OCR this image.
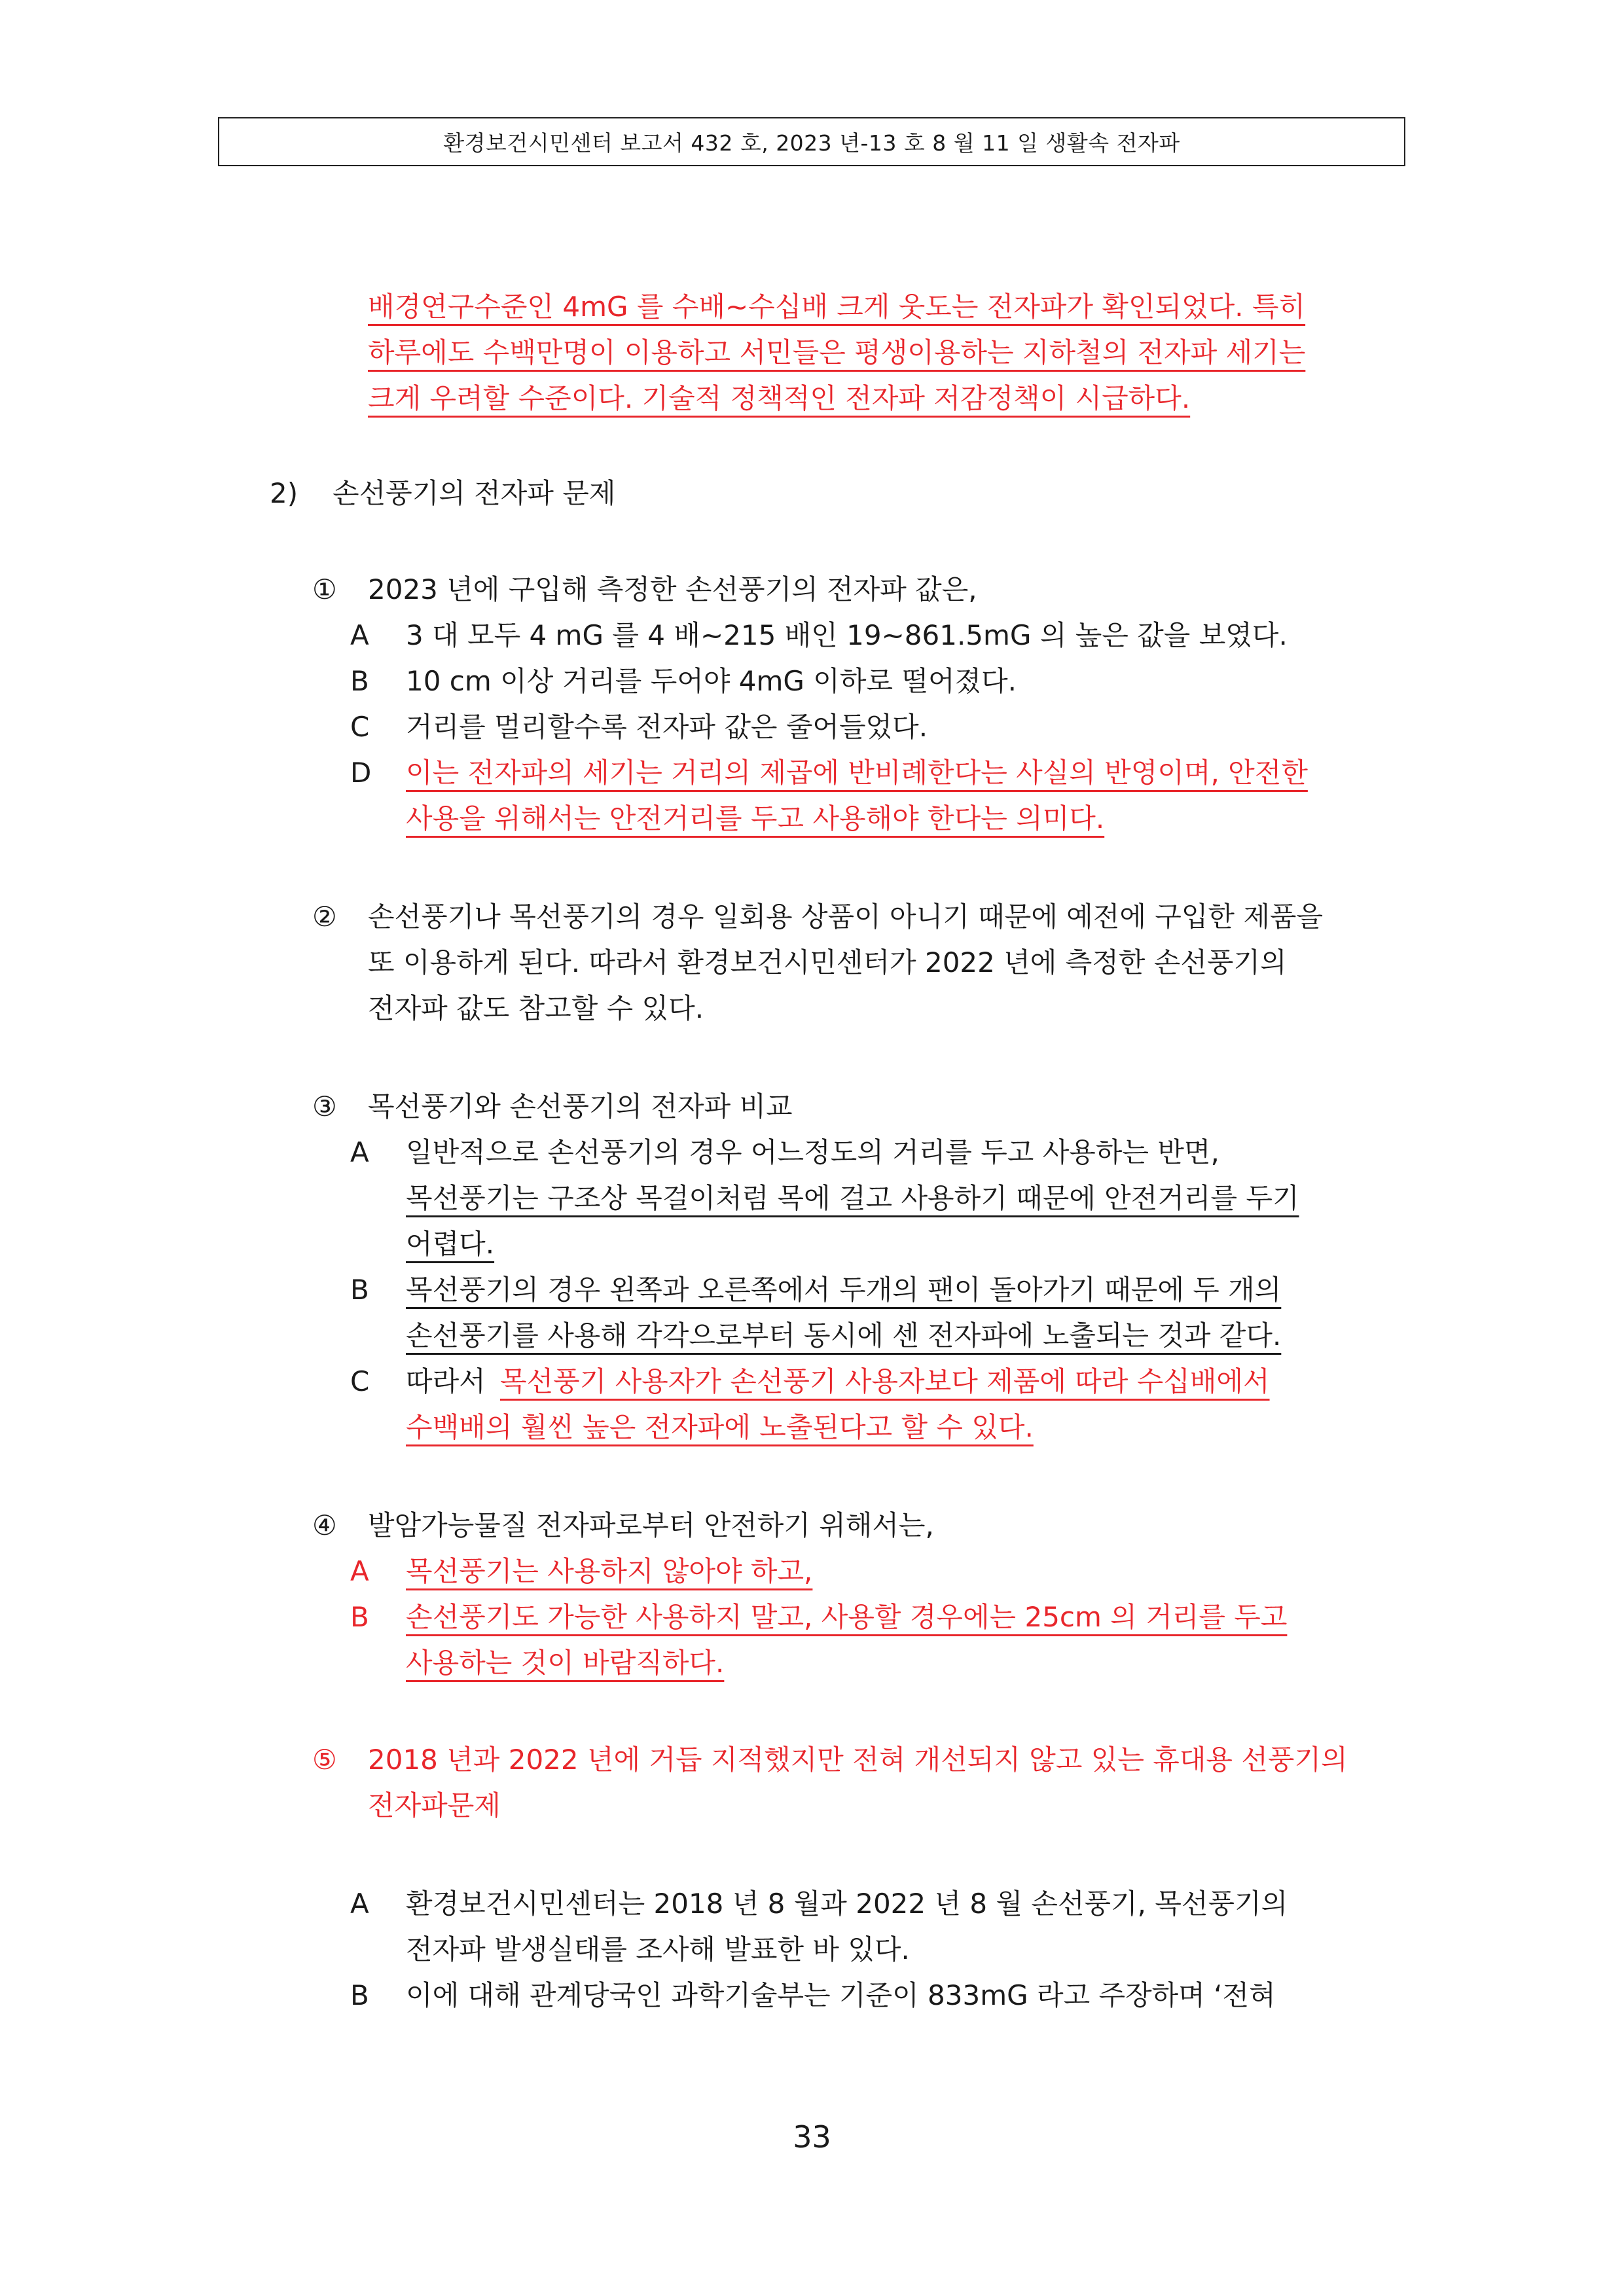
환경보건시민센터 보고서 432 호, 2023 년-13 호 8 월 11 일 생활속 전자파
배경연구수준인 4mG 를 수배~수십배 크게 웃도는 전자파가 확인되었다. 특히
하루에도 수백만명이 이용하고 서민들은 평생이용하는 지하철의 전자파 세기는
크게 우려할 수준이다. 기술적 정책적인 전자파 저감정책이 시급하다.
2) 손선풍기의 전자파 문제
① 2023 년에 구입해 측정한 손선풍기의 전자파 값은,
A 3 대 모두 4 mG 를 4 배~215 배인 19~861.5mG 의 높은 값을 보였다.
B 10 cm 이상 거리를 두어야 4mG 이하로 떨어졌다.
C 거리를 멀리할수록 전자파 값은 줄어들었다.
D 이는 전자파의 세기는 거리의 제곱에 반비례한다는 사실의 반영이며, 안전한
사용을 위해서는 안전거리를 두고 사용해야 한다는 의미다.
② 손선풍기나 목선풍기의 경우 일회용 상품이 아니기 때문에 예전에 구입한 제품을
또 이용하게 된다. 따라서 환경보건시민센터가 2022 년에 측정한 손선풍기의
전자파 값도 참고할 수 있다.
③ 목선풍기와 손선풍기의 전자파 비교
A 일반적으로 손선풍기의 경우 어느정도의 거리를 두고 사용하는 반면,
목선풍기는 구조상 목걸이처럼 목에 걸고 사용하기 때문에 안전거리를 두기
어렵다.
B 목선풍기의 경우 왼쪽과 오른쪽에서 두개의 팬이 돌아가기 때문에 두 개의
손선풍기를 사용해 각각으로부터 동시에 센 전자파에 노출되는 것과 같다.
C 따라서 목선풍기 사용자가 손선풍기 사용자보다 제품에 따라 수십배에서
수백배의 훨씬 높은 전자파에 노출된다고 할 수 있다.
④ 발암가능물질 전자파로부터 안전하기 위해서는,
A 목선풍기는 사용하지 않아야 하고,
B 손선풍기도 가능한 사용하지 말고, 사용할 경우에는 25cm 의 거리를 두고
사용하는 것이 바람직하다.
⑤ 2018 년과 2022 년에 거듭 지적했지만 전혀 개선되지 않고 있는 휴대용 선풍기의
전자파문제
A 환경보건시민센터는 2018 년 8 월과 2022 년 8 월 손선풍기, 목선풍기의
전자파 발생실태를 조사해 발표한 바 있다.
B 이에 대해 관계당국인 과학기술부는 기준이 833mG 라고 주장하며 ‘전혀
33
